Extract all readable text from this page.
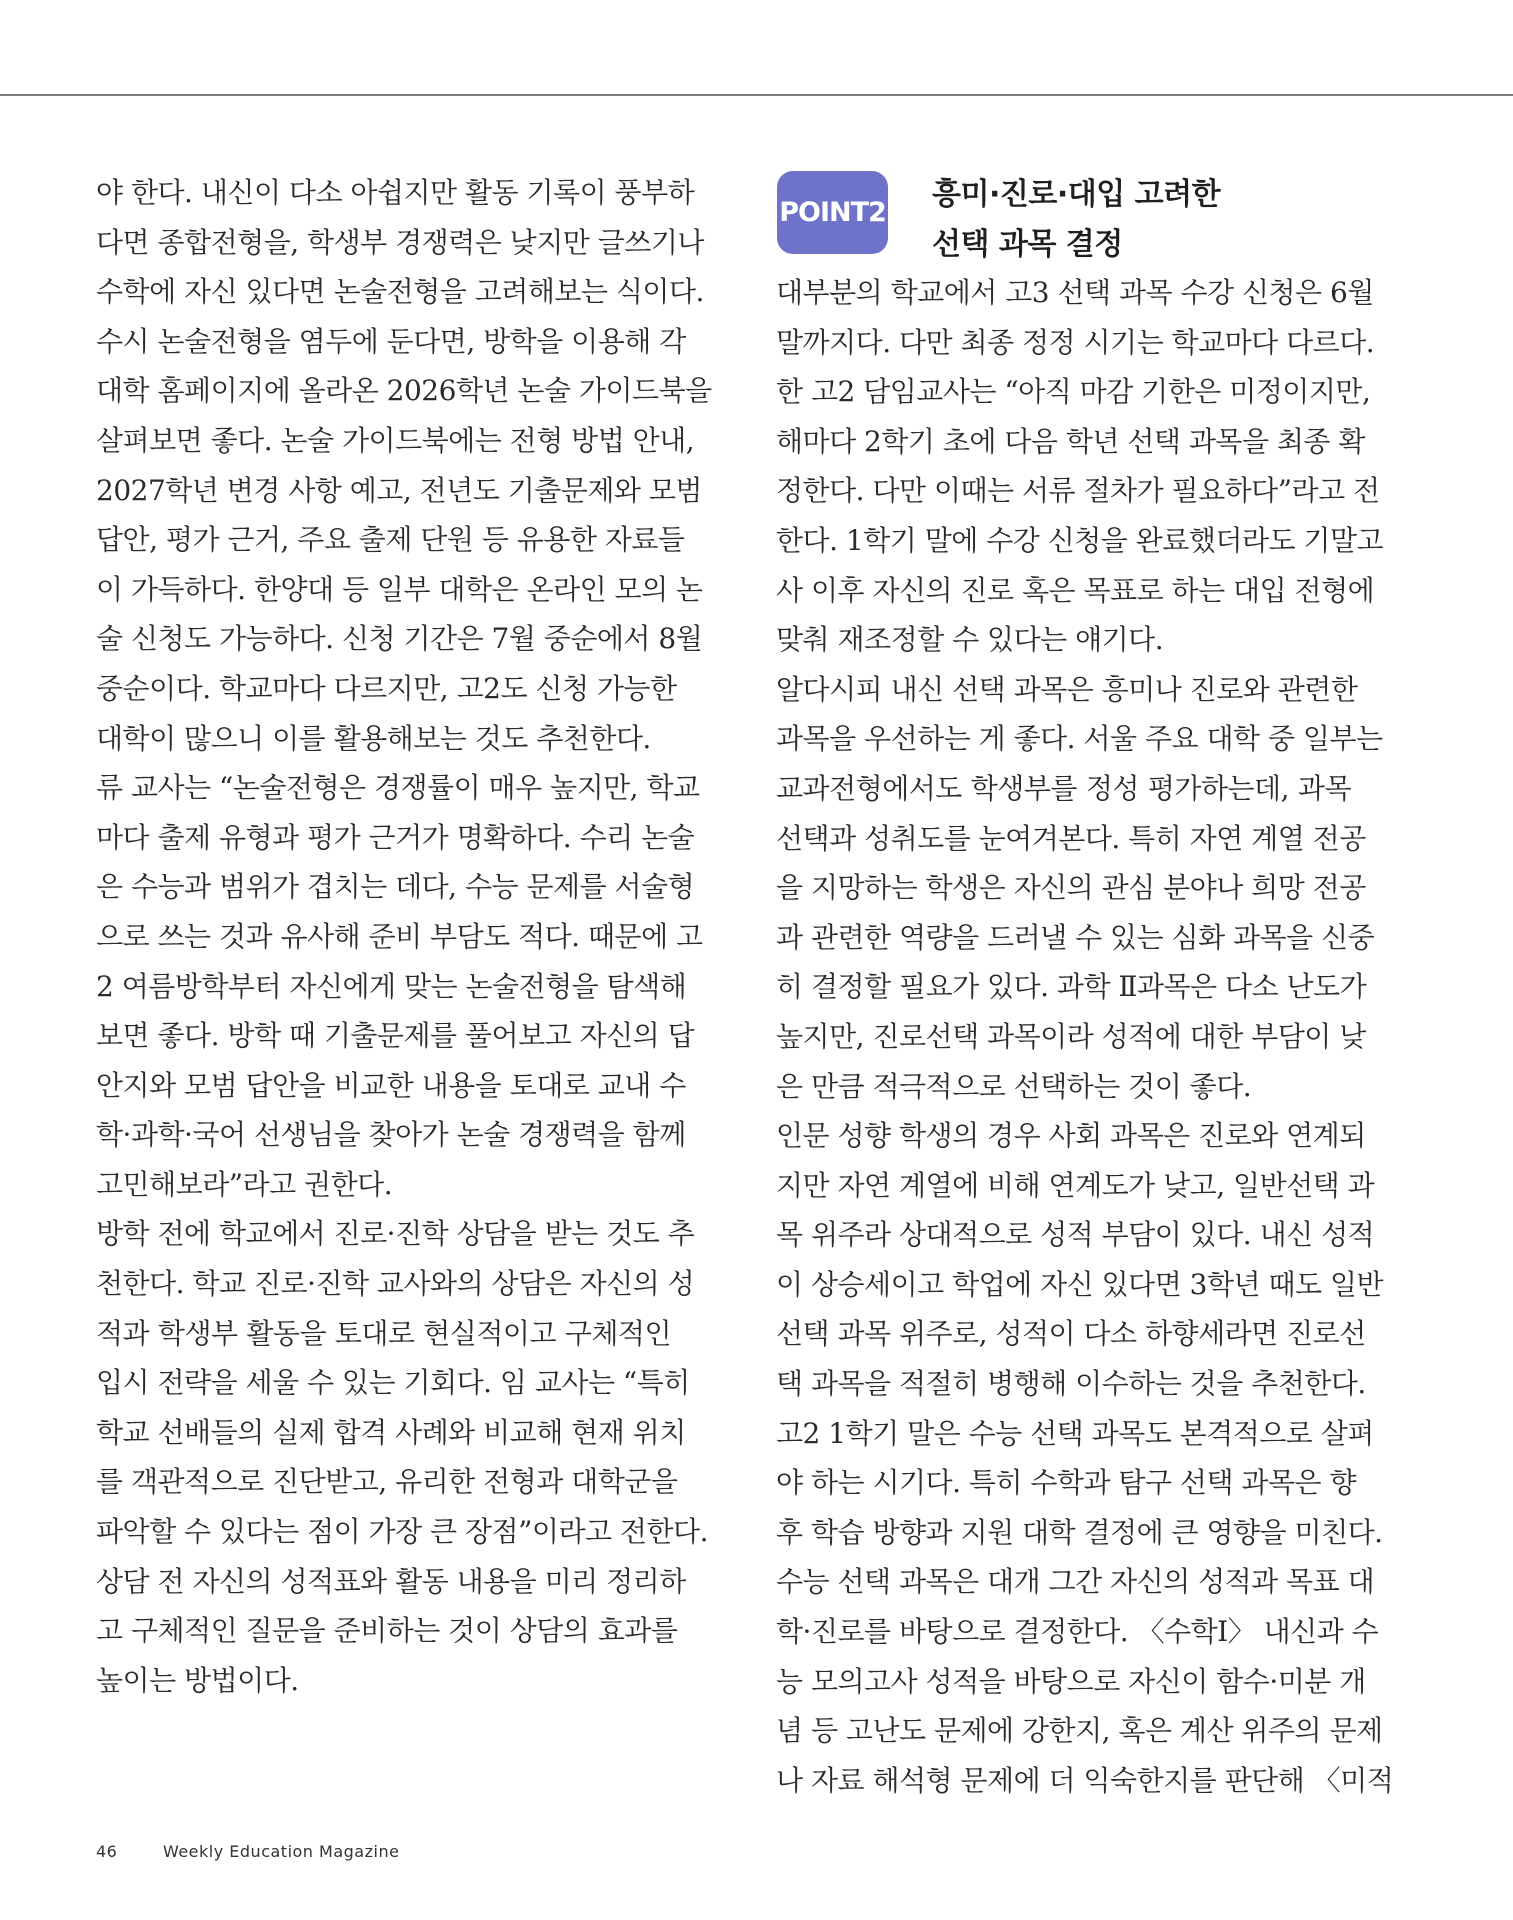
야 한다. 내신이 다소 아쉽지만 활동 기록이 풍부하
다면 종합전형을, 학생부 경쟁력은 낮지만 글쓰기나
수학에 자신 있다면 논술전형을 고려해보는 식이다.
수시 논술전형을 염두에 둔다면, 방학을 이용해 각
대학 홈페이지에 올라온 2026학년 논술 가이드북을
살펴보면 좋다. 논술 가이드북에는 전형 방법 안내,
2027학년 변경 사항 예고, 전년도 기출문제와 모범
답안, 평가 근거, 주요 출제 단원 등 유용한 자료들
이 가득하다. 한양대 등 일부 대학은 온라인 모의 논
술 신청도 가능하다. 신청 기간은 7월 중순에서 8월
중순이다. 학교마다 다르지만, 고2도 신청 가능한
대학이 많으니 이를 활용해보는 것도 추천한다.
류 교사는 “논술전형은 경쟁률이 매우 높지만, 학교
마다 출제 유형과 평가 근거가 명확하다. 수리 논술
은 수능과 범위가 겹치는 데다, 수능 문제를 서술형
으로 쓰는 것과 유사해 준비 부담도 적다. 때문에 고
2 여름방학부터 자신에게 맞는 논술전형을 탐색해
보면 좋다. 방학 때 기출문제를 풀어보고 자신의 답
안지와 모범 답안을 비교한 내용을 토대로 교내 수
학·과학·국어 선생님을 찾아가 논술 경쟁력을 함께
고민해보라”라고 권한다.
방학 전에 학교에서 진로·진학 상담을 받는 것도 추
천한다. 학교 진로·진학 교사와의 상담은 자신의 성
적과 학생부 활동을 토대로 현실적이고 구체적인
입시 전략을 세울 수 있는 기회다. 임 교사는 “특히
학교 선배들의 실제 합격 사례와 비교해 현재 위치
를 객관적으로 진단받고, 유리한 전형과 대학군을
파악할 수 있다는 점이 가장 큰 장점”이라고 전한다.
상담 전 자신의 성적표와 활동 내용을 미리 정리하
고 구체적인 질문을 준비하는 것이 상담의 효과를
높이는 방법이다.
POINT2
흥미·진로·대입 고려한
선택 과목 결정
대부분의 학교에서 고3 선택 과목 수강 신청은 6월
말까지다. 다만 최종 정정 시기는 학교마다 다르다.
한 고2 담임교사는 “아직 마감 기한은 미정이지만,
해마다 2학기 초에 다음 학년 선택 과목을 최종 확
정한다. 다만 이때는 서류 절차가 필요하다”라고 전
한다. 1학기 말에 수강 신청을 완료했더라도 기말고
사 이후 자신의 진로 혹은 목표로 하는 대입 전형에
맞춰 재조정할 수 있다는 얘기다.
알다시피 내신 선택 과목은 흥미나 진로와 관련한
과목을 우선하는 게 좋다. 서울 주요 대학 중 일부는
교과전형에서도 학생부를 정성 평가하는데, 과목
선택과 성취도를 눈여겨본다. 특히 자연 계열 전공
을 지망하는 학생은 자신의 관심 분야나 희망 전공
과 관련한 역량을 드러낼 수 있는 심화 과목을 신중
히 결정할 필요가 있다. 과학 Ⅱ과목은 다소 난도가
높지만, 진로선택 과목이라 성적에 대한 부담이 낮
은 만큼 적극적으로 선택하는 것이 좋다.
인문 성향 학생의 경우 사회 과목은 진로와 연계되
지만 자연 계열에 비해 연계도가 낮고, 일반선택 과
목 위주라 상대적으로 성적 부담이 있다. 내신 성적
이 상승세이고 학업에 자신 있다면 3학년 때도 일반
선택 과목 위주로, 성적이 다소 하향세라면 진로선
택 과목을 적절히 병행해 이수하는 것을 추천한다.
고2 1학기 말은 수능 선택 과목도 본격적으로 살펴
야 하는 시기다. 특히 수학과 탐구 선택 과목은 향
후 학습 방향과 지원 대학 결정에 큰 영향을 미친다.
수능 선택 과목은 대개 그간 자신의 성적과 목표 대
학·진로를 바탕으로 결정한다. 〈수학Ⅰ〉 내신과 수
능 모의고사 성적을 바탕으로 자신이 함수·미분 개
념 등 고난도 문제에 강한지, 혹은 계산 위주의 문제
나 자료 해석형 문제에 더 익숙한지를 판단해 〈미적
46	Weekly Education Magazine
